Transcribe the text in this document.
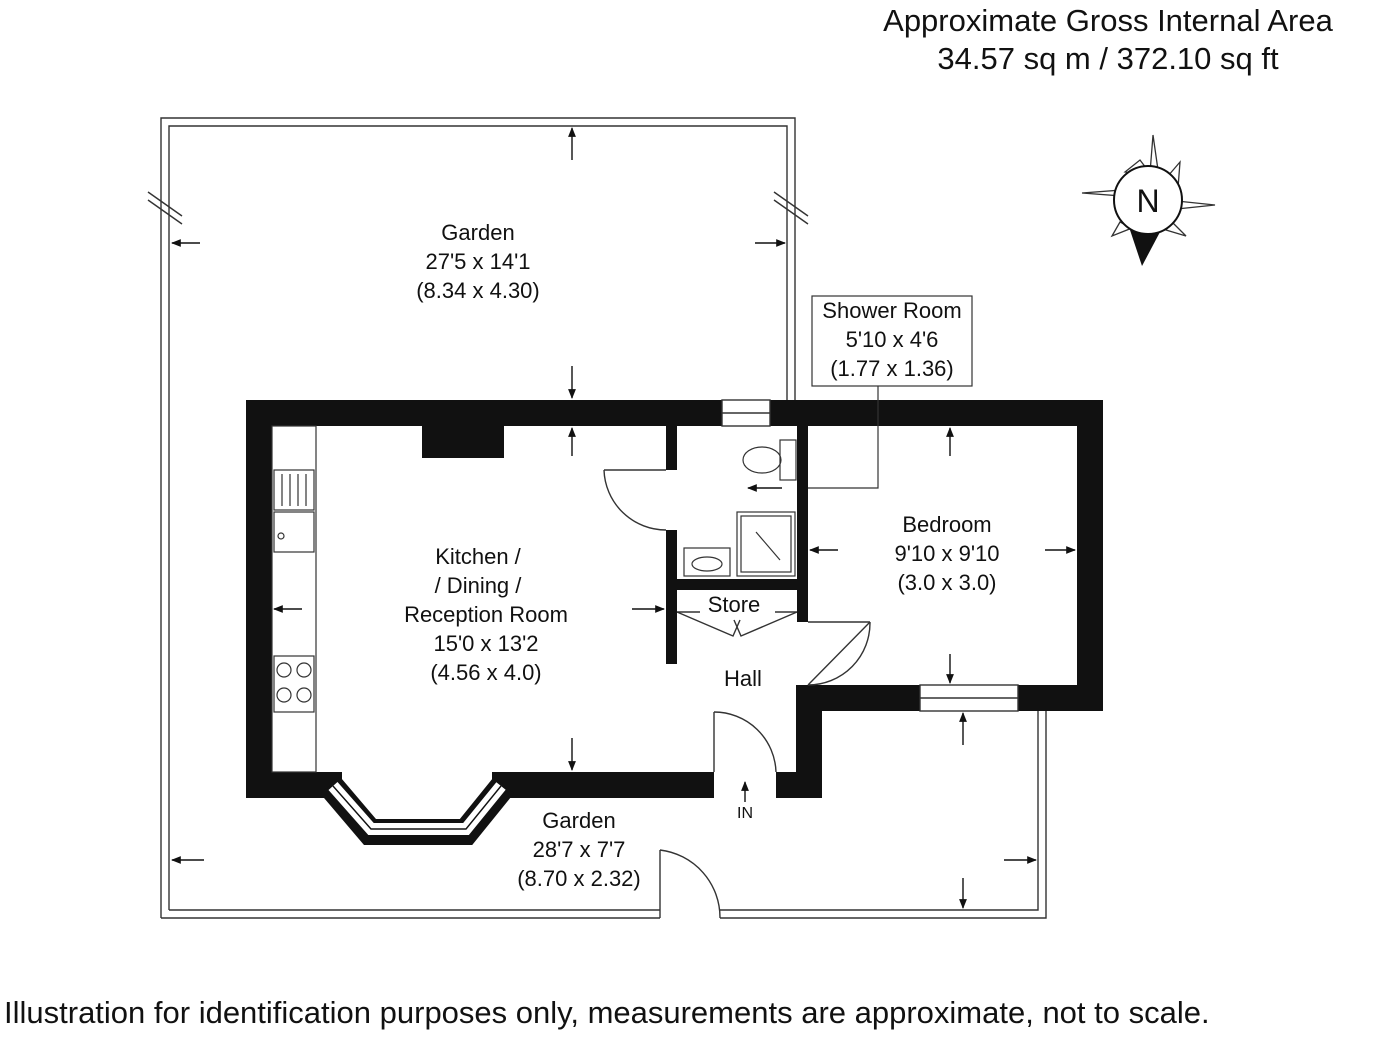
Approximate Gross Internal Area
34.57 sq m / 372.10 sq ft
IN
Garden
27'5 x 14'1
(8.34 x 4.30)
Shower Room
5'10 x 4'6
(1.77 x 1.36)
Kitchen /
/ Dining /
Reception Room
15'0 x 13'2
(4.56 x 4.0)
Bedroom
9'10 x 9'10
(3.0 x 3.0)
Store
Hall
Garden
28'7 x 7'7
(8.70 x 2.32)
N
Illustration for identification purposes only, measurements are approximate, not to scale.
